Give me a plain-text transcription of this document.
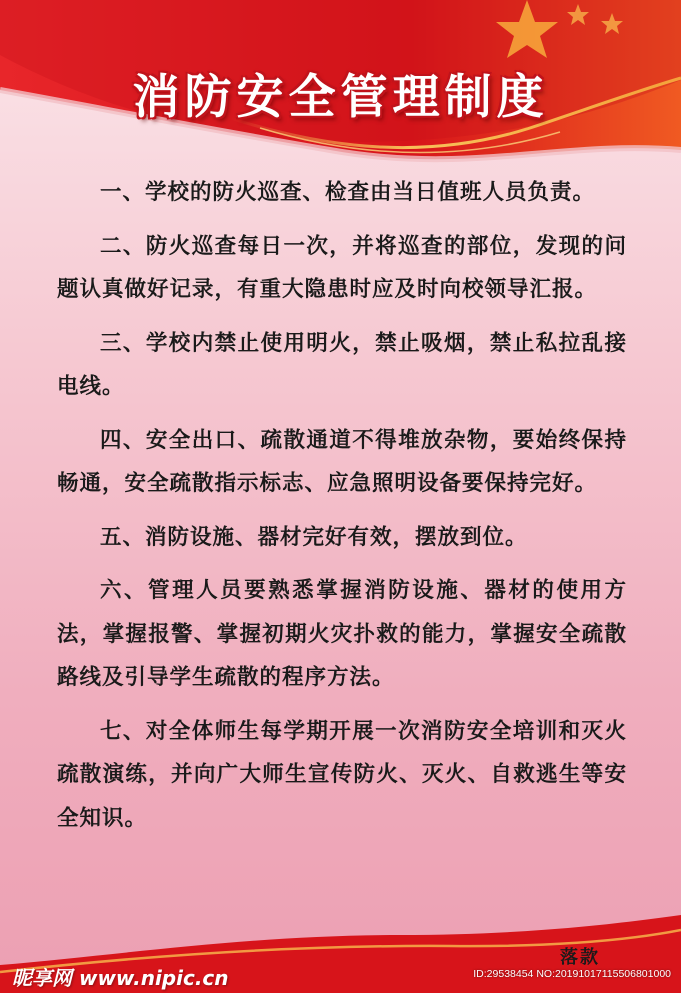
消防安全管理制度

一、学校的防火巡查、检查由当日值班人员负责。

二、防火巡查每日一次，并将巡查的部位，发现的问题认真做好记录，有重大隐患时应及时向校领导汇报。

三、学校内禁止使用明火，禁止吸烟，禁止私拉乱接电线。

四、安全出口、疏散通道不得堆放杂物，要始终保持畅通，安全疏散指示标志、应急照明设备要保持完好。

五、消防设施、器材完好有效，摆放到位。

六、管理人员要熟悉掌握消防设施、器材的使用方法，掌握报警、掌握初期火灾扑救的能力，掌握安全疏散路线及引导学生疏散的程序方法。

七、对全体师生每学期开展一次消防安全培训和灭火疏散演练，并向广大师生宣传防火、灭火、自救逃生等安全知识。

落款
昵享网 www.nipic.cn	ID:29538454 NO:20191017115506801000
